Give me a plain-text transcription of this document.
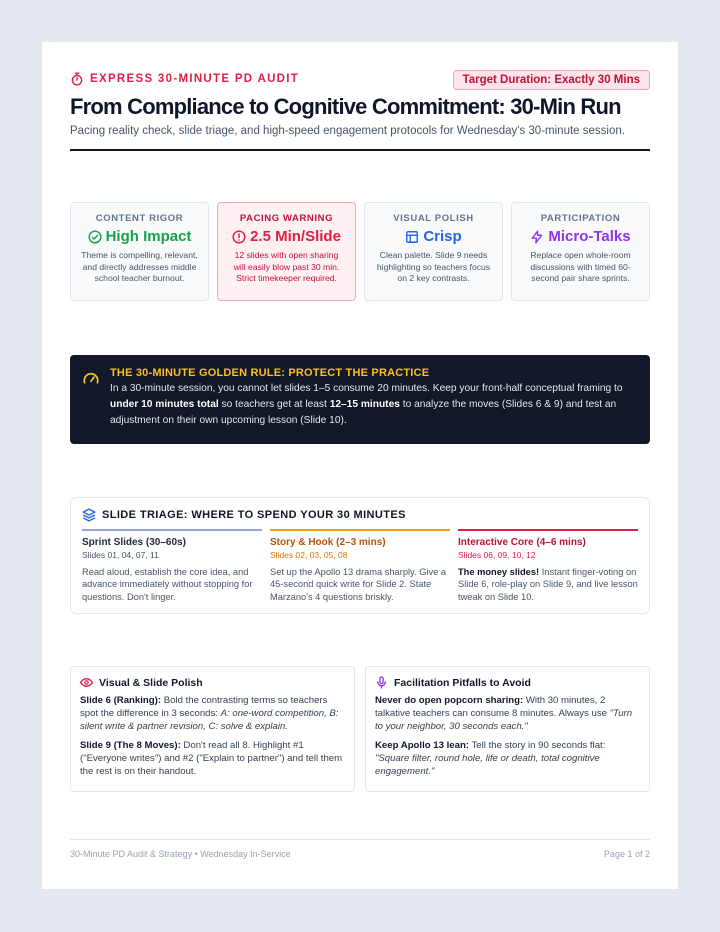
EXPRESS 30-MINUTE PD AUDIT	Target Duration: Exactly 30 Mins
From Compliance to Cognitive Commitment: 30-Min Run
Pacing reality check, slide triage, and high-speed engagement protocols for Wednesday's 30-minute session.
CONTENT RIGOR
High Impact
Theme is compelling, relevant, and directly addresses middle school teacher burnout.
PACING WARNING
2.5 Min/Slide
12 slides with open sharing will easily blow past 30 min. Strict timekeeper required.
VISUAL POLISH
Crisp
Clean palette. Slide 9 needs highlighting so teachers focus on 2 key contrasts.
PARTICIPATION
Micro-Talks
Replace open whole-room discussions with timed 60-second pair share sprints.
THE 30-MINUTE GOLDEN RULE: PROTECT THE PRACTICE
In a 30-minute session, you cannot let slides 1–5 consume 20 minutes. Keep your front-half conceptual framing to under 10 minutes total so teachers get at least 12–15 minutes to analyze the moves (Slides 6 & 9) and test an adjustment on their own upcoming lesson (Slide 10).
SLIDE TRIAGE: WHERE TO SPEND YOUR 30 MINUTES
Sprint Slides (30–60s)
Slides 01, 04, 07, 11
Read aloud, establish the core idea, and advance immediately without stopping for questions. Don't linger.
Story & Hook (2–3 mins)
Slides 02, 03, 05, 08
Set up the Apollo 13 drama sharply. Give a 45-second quick write for Slide 2. State Marzano's 4 questions briskly.
Interactive Core (4–6 mins)
Slides 06, 09, 10, 12
The money slides! Instant finger-voting on Slide 6, role-play on Slide 9, and live lesson tweak on Slide 10.
Visual & Slide Polish
Slide 6 (Ranking): Bold the contrasting terms so teachers spot the difference in 3 seconds: A: one-word competition, B: silent write & partner revision, C: solve & explain.
Slide 9 (The 8 Moves): Don't read all 8. Highlight #1 ("Everyone writes") and #2 ("Explain to partner") and tell them the rest is on their handout.
Facilitation Pitfalls to Avoid
Never do open popcorn sharing: With 30 minutes, 2 talkative teachers can consume 8 minutes. Always use "Turn to your neighbor, 30 seconds each."
Keep Apollo 13 lean: Tell the story in 90 seconds flat: "Square filter, round hole, life or death, total cognitive engagement."
30-Minute PD Audit & Strategy • Wednesday In-Service	Page 1 of 2
